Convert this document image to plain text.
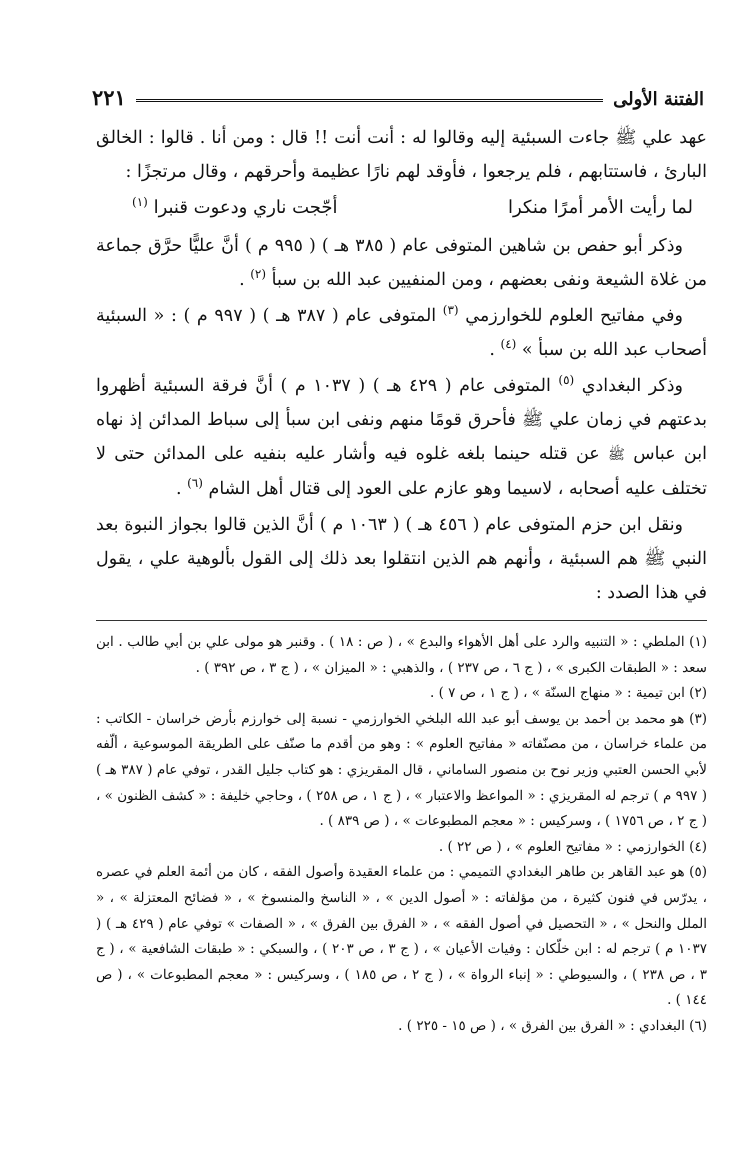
الفتنة الأولى
٢٢١

عهد علي ﷺ جاءت السبئية إليه وقالوا له : أنت أنت !! قال : ومن أنا . قالوا : الخالق البارئ ، فاستتابهم ، فلم يرجعوا ، فأوقد لهم نارًا عظيمة وأحرقهم ، وقال مرتجزًا :

لما رأيت الأمر أمرًا منكرا
أجّجت ناري ودعوت قنبرا $^{(١)}$

وذكر أبو حفص بن شاهين المتوفى عام ( ٣٨٥ هـ ) ( ٩٩٥ م ) أنَّ عليًّا حرَّق جماعة من غلاة الشيعة ونفى بعضهم ، ومن المنفيين عبد الله بن سبأ $^{(٢)}$ .

وفي مفاتيح العلوم للخوارزمي $^{(٣)}$ المتوفى عام ( ٣٨٧ هـ ) ( ٩٩٧ م ) : « السبئية أصحاب عبد الله بن سبأ » $^{(٤)}$ .

وذكر البغدادي $^{(٥)}$ المتوفى عام ( ٤٢٩ هـ ) ( ١٠٣٧ م ) أنَّ فرقة السبئية أظهروا بدعتهم في زمان علي ﷺ فأحرق قومًا منهم ونفى ابن سبأ إلى سباط المدائن إذ نهاه ابن عباس ﷺ عن قتله حينما بلغه غلوه فيه وأشار عليه بنفيه على المدائن حتى لا تختلف عليه أصحابه ، لاسيما وهو عازم على العود إلى قتال أهل الشام $^{(٦)}$ .

ونقل ابن حزم المتوفى عام ( ٤٥٦ هـ ) ( ١٠٦٣ م ) أنَّ الذين قالوا بجواز النبوة بعد النبي ﷺ هم السبئية ، وأنهم هم الذين انتقلوا بعد ذلك إلى القول بألوهية علي ، يقول في هذا الصدد :

(١) الملطي : « التنبيه والرد على أهل الأهواء والبدع » ، ( ص : ١٨ ) . وقنبر هو مولى علي بن أبي طالب . ابن سعد : « الطبقات الكبرى » ، ( ج ٦ ، ص ٢٣٧ ) ، والذهبي : « الميزان » ، ( ج ٣ ، ص ٣٩٢ ) .

(٢) ابن تيمية : « منهاج السنّة » ، ( ج ١ ، ص ٧ ) .

(٣) هو محمد بن أحمد بن يوسف أبو عبد الله البلخي الخوارزمي - نسبة إلى خوارزم بأرض خراسان - الكاتب : من علماء خراسان ، من مصنّفاته « مفاتيح العلوم » : وهو من أقدم ما صنّف على الطريقة الموسوعية ، ألّفه لأبي الحسن العتبي وزير نوح بن منصور الساماني ، قال المقريزي : هو كتاب جليل القدر ، توفي عام ( ٣٨٧ هـ ) ( ٩٩٧ م ) ترجم له المقريزي : « المواعظ والاعتبار » ، ( ج ١ ، ص ٢٥٨ ) ، وحاجي خليفة : « كشف الظنون » ، ( ج ٢ ، ص ١٧٥٦ ) ، وسركيس : « معجم المطبوعات » ، ( ص ٨٣٩ ) .

(٤) الخوارزمي : « مفاتيح العلوم » ، ( ص ٢٢ ) .

(٥) هو عبد القاهر بن طاهر البغدادي التميمي : من علماء العقيدة وأصول الفقه ، كان من أئمة العلم في عصره ، يدرّس في فنون كثيرة ، من مؤلفاته : « أصول الدين » ، « الناسخ والمنسوخ » ، « فضائح المعتزلة » ، « الملل والنحل » ، « التحصيل في أصول الفقه » ، « الفرق بين الفرق » ، « الصفات » توفي عام ( ٤٢٩ هـ ) ( ١٠٣٧ م ) ترجم له : ابن خلّكان : وفيات الأعيان » ، ( ج ٣ ، ص ٢٠٣ ) ، والسبكي : « طبقات الشافعية » ، ( ج ٣ ، ص ٢٣٨ ) ، والسيوطي : « إنباء الرواة » ، ( ج ٢ ، ص ١٨٥ ) ، وسركيس : « معجم المطبوعات » ، ( ص ١٤٤ ) .

(٦) البغدادي : « الفرق بين الفرق » ، ( ص ١٥ - ٢٢٥ ) .
